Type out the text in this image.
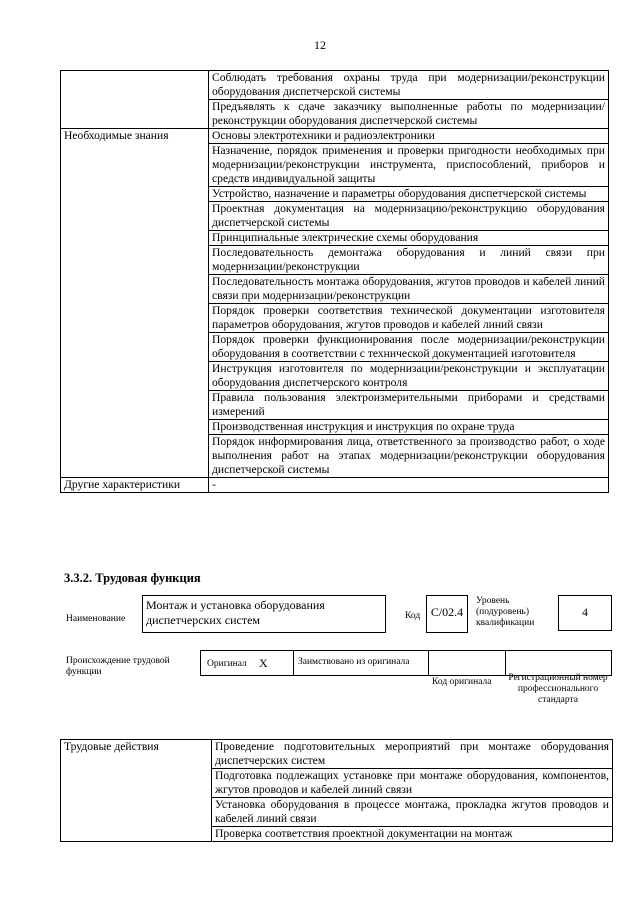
12
	Соблюдать требования охраны труда при модернизации/реконструкции оборудования диспетчерской системы
	Предъявлять к сдаче заказчику выполненные работы по модернизации/реконструкции оборудования диспетчерской системы
Необходимые знания	Основы электротехники и радиоэлектроники
	Назначение, порядок применения и проверки пригодности необходимых при модернизации/реконструкции инструмента, приспособлений, приборов и средств индивидуальной защиты
	Устройство, назначение и параметры оборудования диспетчерской системы
	Проектная документация на модернизацию/реконструкцию оборудования диспетчерской системы
	Принципиальные электрические схемы оборудования
	Последовательность демонтажа оборудования и линий связи при модернизации/реконструкции
	Последовательность монтажа оборудования, жгутов проводов и кабелей линий связи при модернизации/реконструкции
	Порядок проверки соответствия технической документации изготовителя параметров оборудования, жгутов проводов и кабелей линий связи
	Порядок проверки функционирования после модернизации/реконструкции оборудования в соответствии с технической документацией изготовителя
	Инструкция изготовителя по модернизации/реконструкции и эксплуатации оборудования диспетчерского контроля
	Правила пользования электроизмерительными приборами и средствами измерений
	Производственная инструкция и инструкция по охране труда
	Порядок информирования лица, ответственного за производство работ, о ходе выполнения работ на этапах модернизации/реконструкции оборудования диспетчерской системы
Другие характеристики	-
3.3.2. Трудовая функция
Наименование
Монтаж и установка оборудования диспетчерских систем	Код C/02.4
Уровень (подуровень) квалификации
4
Происхождение трудовой функции
Оригинал Х	Заимствовано из оригинала
Код оригинала Регистрационный номер профессионального стандарта
Трудовые действия	Проведение подготовительных мероприятий при монтаже оборудования диспетчерских систем
Подготовка подлежащих установке при монтаже оборудования, компонентов, жгутов проводов и кабелей линий связи
Установка оборудования в процессе монтажа, прокладка жгутов проводов и кабелей линий связи
Проверка соответствия проектной документации на монтаж
